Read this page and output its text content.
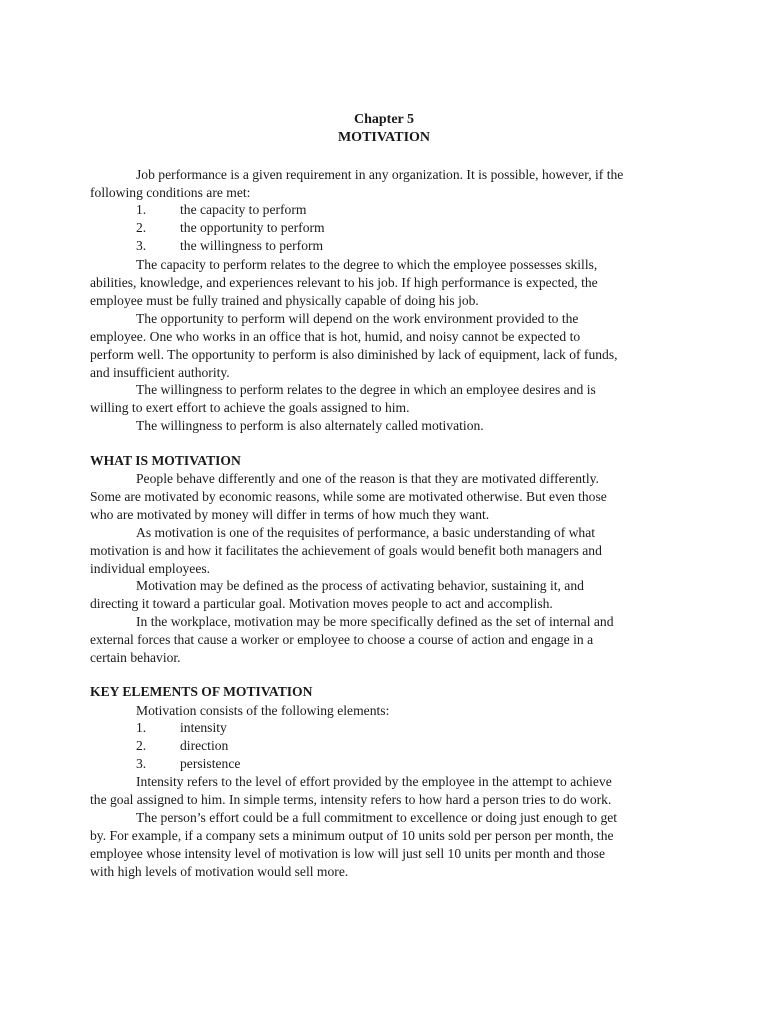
Chapter 5
MOTIVATION
Job performance is a given requirement in any organization. It is possible, however, if the
following conditions are met:
1. the capacity to perform
2. the opportunity to perform
3. the willingness to perform
The capacity to perform relates to the degree to which the employee possesses skills,
abilities, knowledge, and experiences relevant to his job. If high performance is expected, the
employee must be fully trained and physically capable of doing his job.
The opportunity to perform will depend on the work environment provided to the
employee. One who works in an office that is hot, humid, and noisy cannot be expected to
perform well. The opportunity to perform is also diminished by lack of equipment, lack of funds,
and insufficient authority.
The willingness to perform relates to the degree in which an employee desires and is
willing to exert effort to achieve the goals assigned to him.
The willingness to perform is also alternately called motivation.
WHAT IS MOTIVATION
People behave differently and one of the reason is that they are motivated differently.
Some are motivated by economic reasons, while some are motivated otherwise. But even those
who are motivated by money will differ in terms of how much they want.
As motivation is one of the requisites of performance, a basic understanding of what
motivation is and how it facilitates the achievement of goals would benefit both managers and
individual employees.
Motivation may be defined as the process of activating behavior, sustaining it, and
directing it toward a particular goal. Motivation moves people to act and accomplish.
In the workplace, motivation may be more specifically defined as the set of internal and
external forces that cause a worker or employee to choose a course of action and engage in a
certain behavior.
KEY ELEMENTS OF MOTIVATION
Motivation consists of the following elements:
1. intensity
2. direction
3. persistence
Intensity refers to the level of effort provided by the employee in the attempt to achieve
the goal assigned to him. In simple terms, intensity refers to how hard a person tries to do work.
The person’s effort could be a full commitment to excellence or doing just enough to get
by. For example, if a company sets a minimum output of 10 units sold per person per month, the
employee whose intensity level of motivation is low will just sell 10 units per month and those
with high levels of motivation would sell more.
